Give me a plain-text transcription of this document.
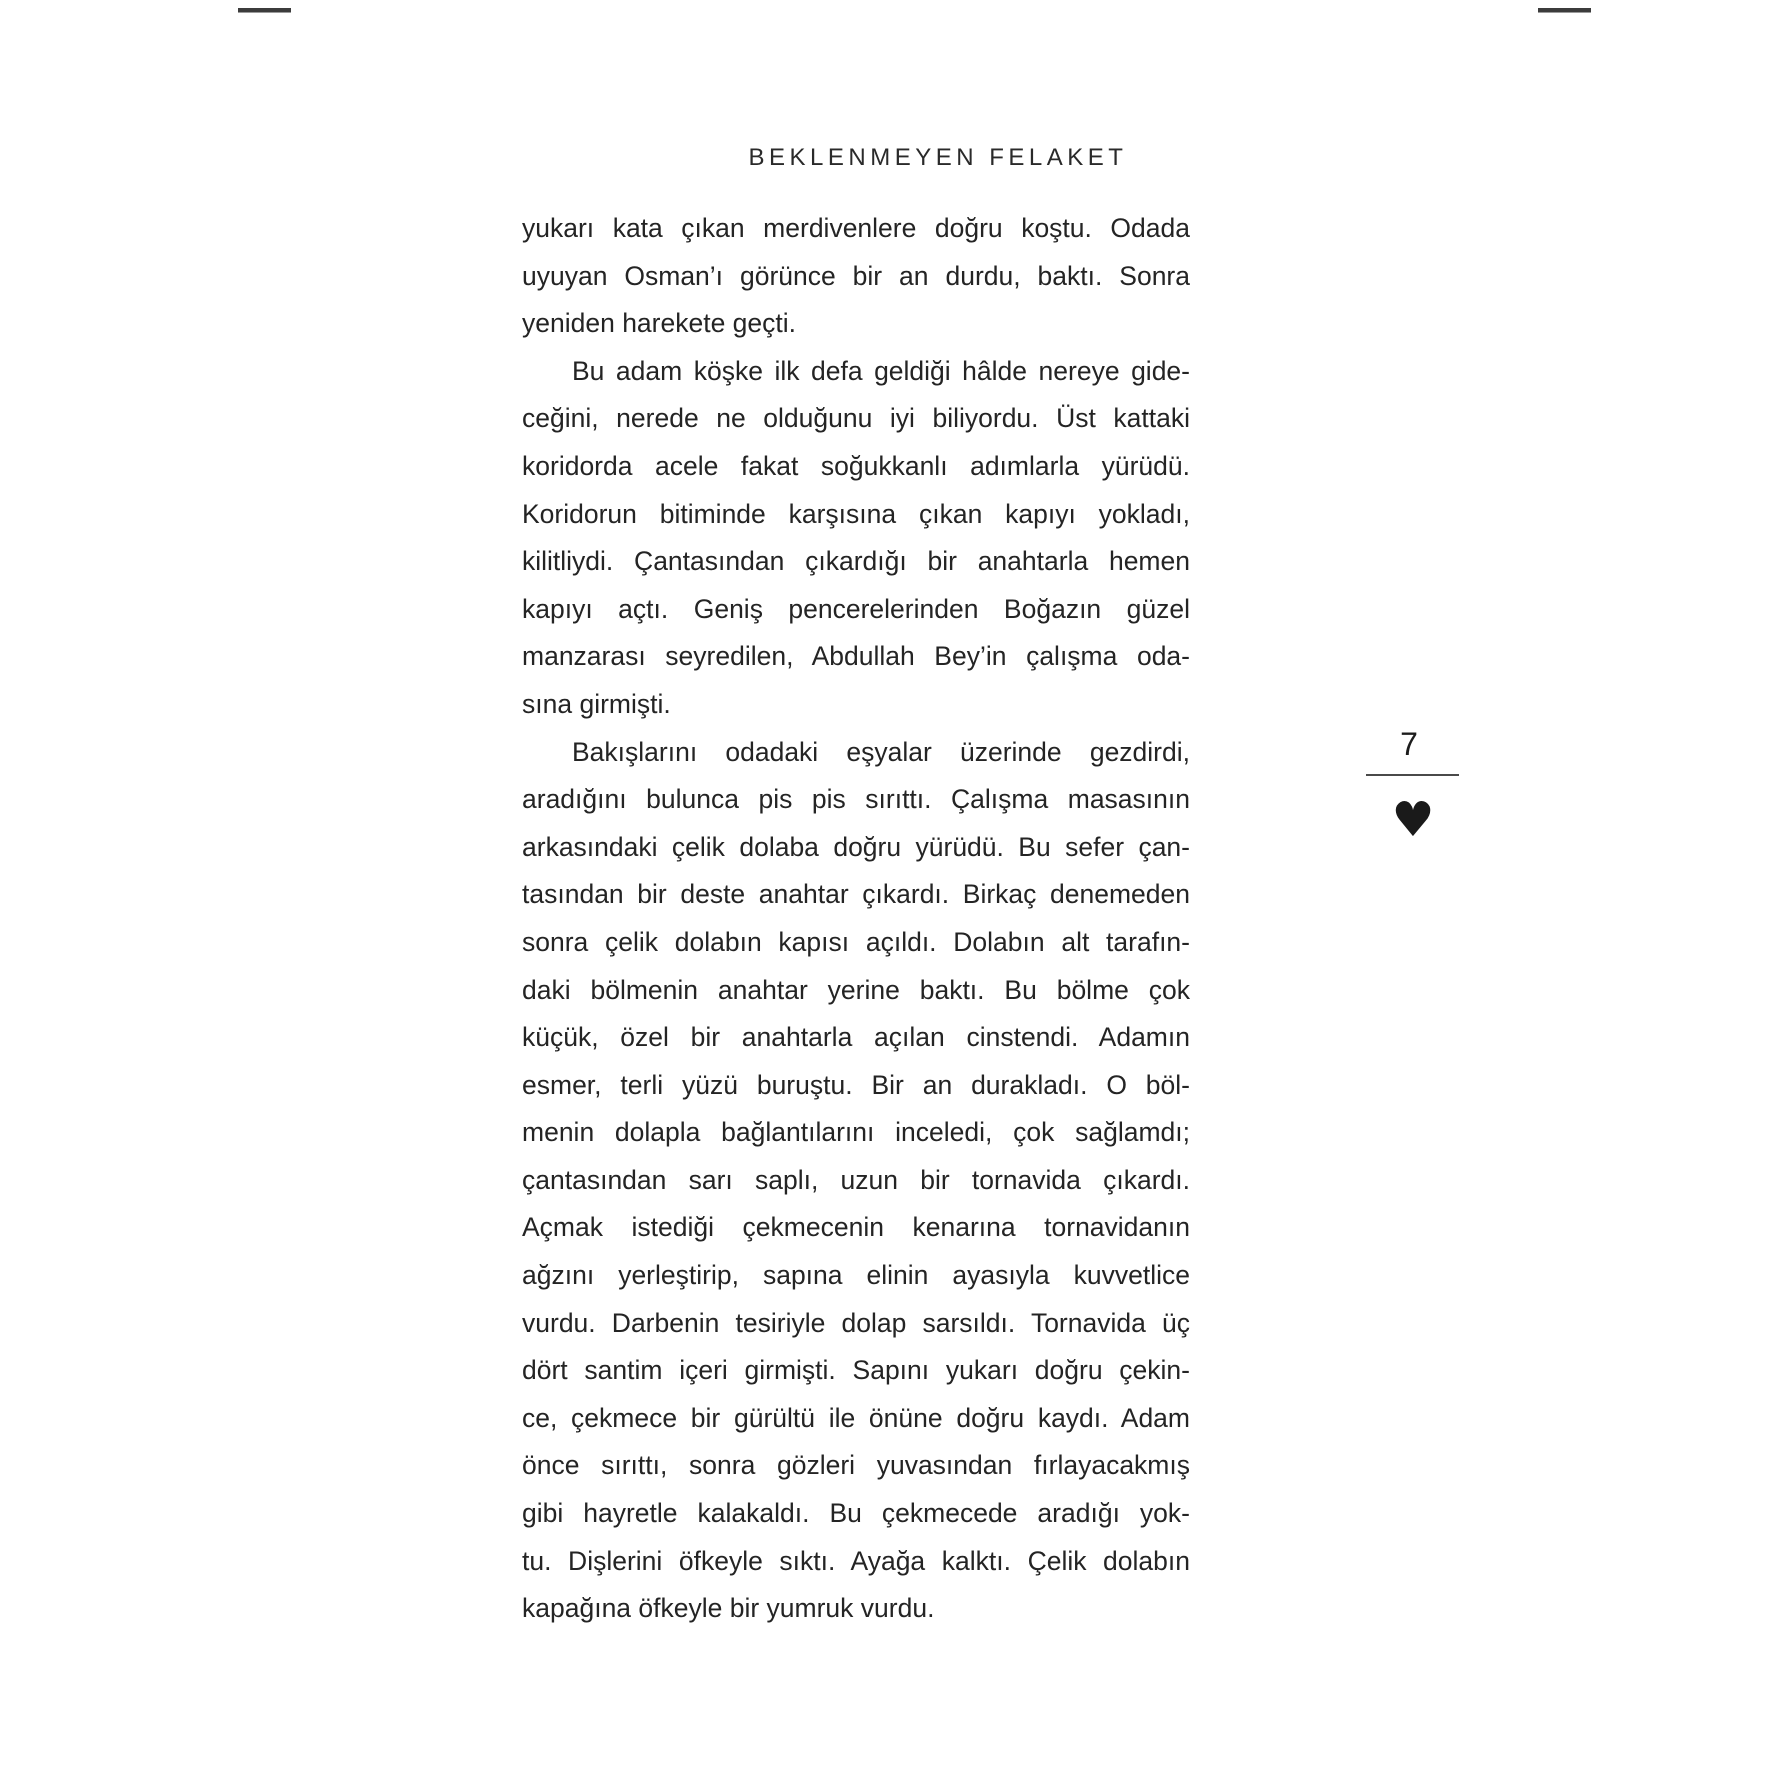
BEKLENMEYEN FELAKET
yukarı kata çıkan merdivenlere doğru koştu. Odada
uyuyan Osman’ı görünce bir an durdu, baktı. Sonra
yeniden harekete geçti.
Bu adam köşke ilk defa geldiği hâlde nereye gide-
ceğini, nerede ne olduğunu iyi biliyordu. Üst kattaki
koridorda acele fakat soğukkanlı adımlarla yürüdü.
Koridorun bitiminde karşısına çıkan kapıyı yokladı,
kilitliydi. Çantasından çıkardığı bir anahtarla hemen
kapıyı açtı. Geniş pencerelerinden Boğazın güzel
manzarası seyredilen, Abdullah Bey’in çalışma oda-
sına girmişti.
Bakışlarını odadaki eşyalar üzerinde gezdirdi,
aradığını bulunca pis pis sırıttı. Çalışma masasının
arkasındaki çelik dolaba doğru yürüdü. Bu sefer çan-
tasından bir deste anahtar çıkardı. Birkaç denemeden
sonra çelik dolabın kapısı açıldı. Dolabın alt tarafın-
daki bölmenin anahtar yerine baktı. Bu bölme çok
küçük, özel bir anahtarla açılan cinstendi. Adamın
esmer, terli yüzü buruştu. Bir an durakladı. O böl-
menin dolapla bağlantılarını inceledi, çok sağlamdı;
çantasından sarı saplı, uzun bir tornavida çıkardı.
Açmak istediği çekmecenin kenarına tornavidanın
ağzını yerleştirip, sapına elinin ayasıyla kuvvetlice
vurdu. Darbenin tesiriyle dolap sarsıldı. Tornavida üç
dört santim içeri girmişti. Sapını yukarı doğru çekin-
ce, çekmece bir gürültü ile önüne doğru kaydı. Adam
önce sırıttı, sonra gözleri yuvasından fırlayacakmış
gibi hayretle kalakaldı. Bu çekmecede aradığı yok-
tu. Dişlerini öfkeyle sıktı. Ayağa kalktı. Çelik dolabın
kapağına öfkeyle bir yumruk vurdu.
7
♥
